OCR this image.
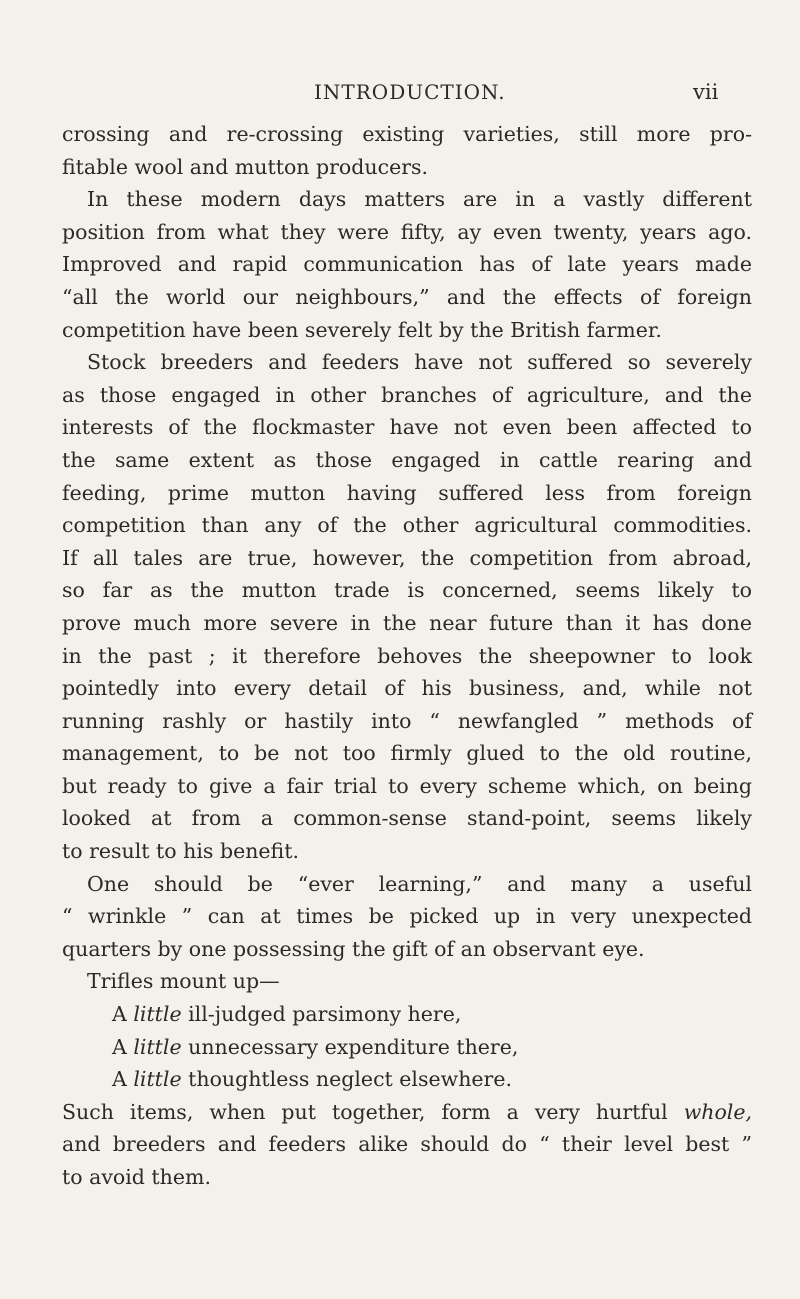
INTRODUCTION.	vii
crossing and re-crossing existing varieties, still more pro-
fitable wool and mutton producers.
In these modern days matters are in a vastly different
position from what they were fifty, ay even twenty, years ago.
Improved and rapid communication has of late years made
“all the world our neighbours,” and the effects of foreign
competition have been severely felt by the British farmer.
Stock breeders and feeders have not suffered so severely
as those engaged in other branches of agriculture, and the
interests of the flockmaster have not even been affected to
the same extent as those engaged in cattle rearing and
feeding, prime mutton having suffered less from foreign
competition than any of the other agricultural commodities.
If all tales are true, however, the competition from abroad,
so far as the mutton trade is concerned, seems likely to
prove much more severe in the near future than it has done
in the past ; it therefore behoves the sheepowner to look
pointedly into every detail of his business, and, while not
running rashly or hastily into “ newfangled ” methods of
management, to be not too firmly glued to the old routine,
but ready to give a fair trial to every scheme which, on being
looked at from a common-sense stand-point, seems likely
to result to his benefit.
One should be “ever learning,” and many a useful
“ wrinkle ” can at times be picked up in very unexpected
quarters by one possessing the gift of an observant eye.
Trifles mount up—
A little ill-judged parsimony here,
A little unnecessary expenditure there,
A little thoughtless neglect elsewhere.
Such items, when put together, form a very hurtful whole,
and breeders and feeders alike should do “ their level best ”
to avoid them.
